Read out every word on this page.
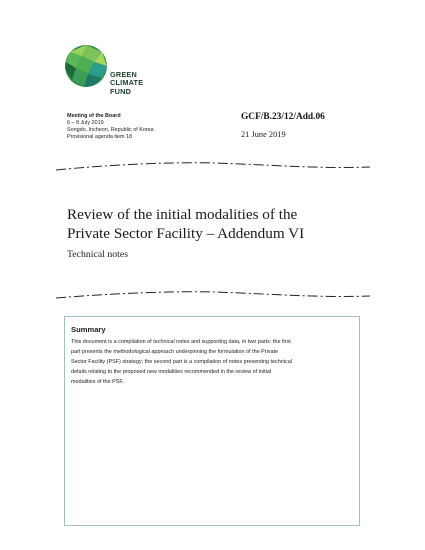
GREEN
CLIMATE
FUND
Meeting of the Board
6 – 8 July 2019
Songdo, Incheon, Republic of Korea
Provisional agenda item 18
GCF/B.23/12/Add.06
21 June 2019
Review of the initial modalities of the
Private Sector Facility – Addendum VI
Technical notes
Summary
This document is a compilation of technical notes and supporting data, in two parts: the first
part presents the methodological approach underpinning the formulation of the Private
Sector Facility (PSF) strategy; the second part is a compilation of notes presenting technical
details relating to the proposed new modalities recommended in the review of initial
modalities of the PSF.
